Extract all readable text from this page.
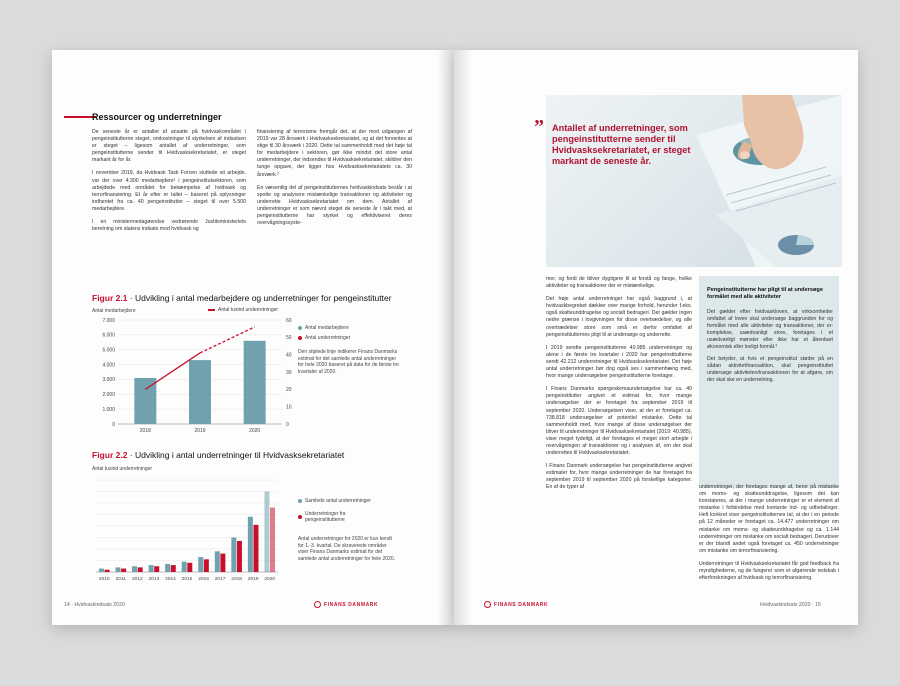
Ressourcer og underretninger

De seneste år er antallet af ansatte på hvidvaskområdet i pengeinstitutterne steget, omkostninger til styrkelsen af indsatsen er steget – ligesom antallet af underretninger, som pengeinstitutterne sender til Hvidvasksekretariatet, er steget markant år for år.

I november 2019, da Hvidvask Task Forcen sluttede sit arbejde, var der over 4.300 medarbejdere¹ i pengeinstitutsektoren, som arbejdede med området for bekæmpelse af hvidvask og terrorfinansiering. Et år efter er tallet – baseret på oplysninger indhentet fra ca. 40 pengeinstitutter – steget til over 5.500 medarbejdere.

I en ministermedagøerelse vedrørende Justitsministeriets beretning om statens indsats mod hvidvask og

finansiering af terrorisme fremgår det, at der mod udgangen af 2019 var 28 årsværk i Hvidvasksekretariatet, og at det forventes at stige til 30 årsværk i 2020. Dette tal sammenholdt med det høje tal for medarbejdere i sektoren, gør ikke mindst det store antal underretninger, der indsendes til Hvidvasksekretariatet, skildrer den tunge opgave, der ligger hos Hvidvasksekretariatets ca. 30 årsværk.²

En væsentlig del af pengeinstitutternes hvidvaskindsats består i at spotte og analysere mistænkelige transaktioner og aktiviteter og underrette Hvidvasksekretariatet om dem. Antallet af underretninger er som nævnt steget de seneste år i takt med, at pengeinstitutterne har styrket og effektiviseret deres overvågningssyste-

Figur 2.1 · Udvikling i antal medarbejdere og underretninger for pengeinstitutter
Antal medarbejdere	Antal tusind underretninger
0
1.000
2.000
3.000
4.000
5.000
6.000
7.000
0
10
20
30
40
50
60
2018	2019	2020
Antal medarbejdere
Antal underretninger
Den stiplede linje indikerer Finans Danmarks estimat for det samlede antal underretninger for hele 2020 baseret på data for de første tre kvartaler af 2020.
Figur 2.2 · Udvikling i antal underretninger til Hvidvasksekretariatet
Antal tusind underretninger
2010 2011 2012 2013 2014 2015 2016 2017 2018 2019 2020
Samlede antal underretninger
Underretninger fra pengeinstitutterne
Antal underretninger for 2020 er kun kendt for 1.-3. kvartal. De skraverede områder viser Finans Danmarks estimat for det samlede antal underretninger for hele 2020.
14 · Hvidvaskindsats 2020	FINANS DANMARK
” Antallet af underretninger, som pengeinstitutterne sender til Hvidvasksekretariatet, er steget markant de seneste år.

mer, og fordi de bliver dygtigere til at forstå og fange, hvilke aktiviteter og transaktioner der er mistænkelige.

Det høje antal underretninger har også baggrund i, at hvidvaskbegrebet dækker over mange forhold, herunder f.eks. også skatteunddragelse og socialt bedrageri. Det gælder ingen nedre grænse i lovgivningen for disse overtrædelser, og alle overtrædelser store som små er derfor omfattet af pengeinstitutternes pligt til at undersøge og underrette.

I 2019 sendte pengeinstitutterne 40.985 underretninger og alene i de første tre kvartaler i 2020 har pengeinstitutterne sendt 42.212 underretninger til Hvidvasksekretariatet. Det høje antal underretninger bør dog også ses i sammenhæng med, hvor mange undersøgelser pengeinstitutterne foretager.

I Finans Danmarks spørgeskemaundersøgelse har ca. 40 pengeinstitutter angivet et estimat for, hvor mange undersøgelser der er foretaget fra september 2019 til september 2020. Undersøgelsen viser, at der er foretaget ca. 738.818 undersøgelser af potentiel mistanke. Dette tal sammenholdt med, hvor mange af disse undersøgelser der bliver til underretninger til Hvidvasksekretariatet (2019: 40.985), viser meget tydeligt, at der foretages et meget stort arbejde i overvågningen af transaktioner og i analysen af, om der skal underrettes til Hvidvasksekretariatet.

I Finans Danmark undersøgelse har pengeinstitutterne angivet estimater for, hvor mange underretninger de har foretaget fra september 2019 til september 2020 på forskellige kategorier. En af de typer af

Pengeinstitutterne har pligt til at undersøge formålet med alle aktiviteter

Det gælder efter hvidvaskloven, at virksomheder omfattet af loven skal undersøge baggrunden for og formålet med alle aktiviteter og transaktioner, der er: komplekse, usædvanligt store, foretages i et usædvanligt mønster eller ikke har et åbenbart økonomisk eller lovligt formål.³

Det betyder, at hvis et pengeinstitut støder på en sådan aktivitet/transaktion, skal pengeinstituttet undersøge aktiviteten/transaktionen for at afgøre, om der skal ske en underretning.

underretninger, der foretages mange af, beror på mistanke om moms- og skatteunddragelse, ligesom det kan konstateres, at der i mange underretninger er et element af mistanke i forbindelse med kontante ind- og udbetalinger. Helt konkret viser pengeinstitutternes tal, at der i en periode på 12 måneder er foretaget ca. 14.477 underretninger om mistanke om moms- og skatteunddragelse og ca. 1.144 underretninger om mistanke om socialt bedrageri. Derudover er der blandt andet også foretaget ca. 450 underretninger om mistanke om terrorfinansiering.

Underretninger til Hvidvasksekretariatet får god feedback fra myndighederne, og de fungerer som et afgørende redskab i efterforskningen af hvidvask og terrorfinansiering.

FINANS DANMARK	Hvidvaskindsats 2020 · 15
